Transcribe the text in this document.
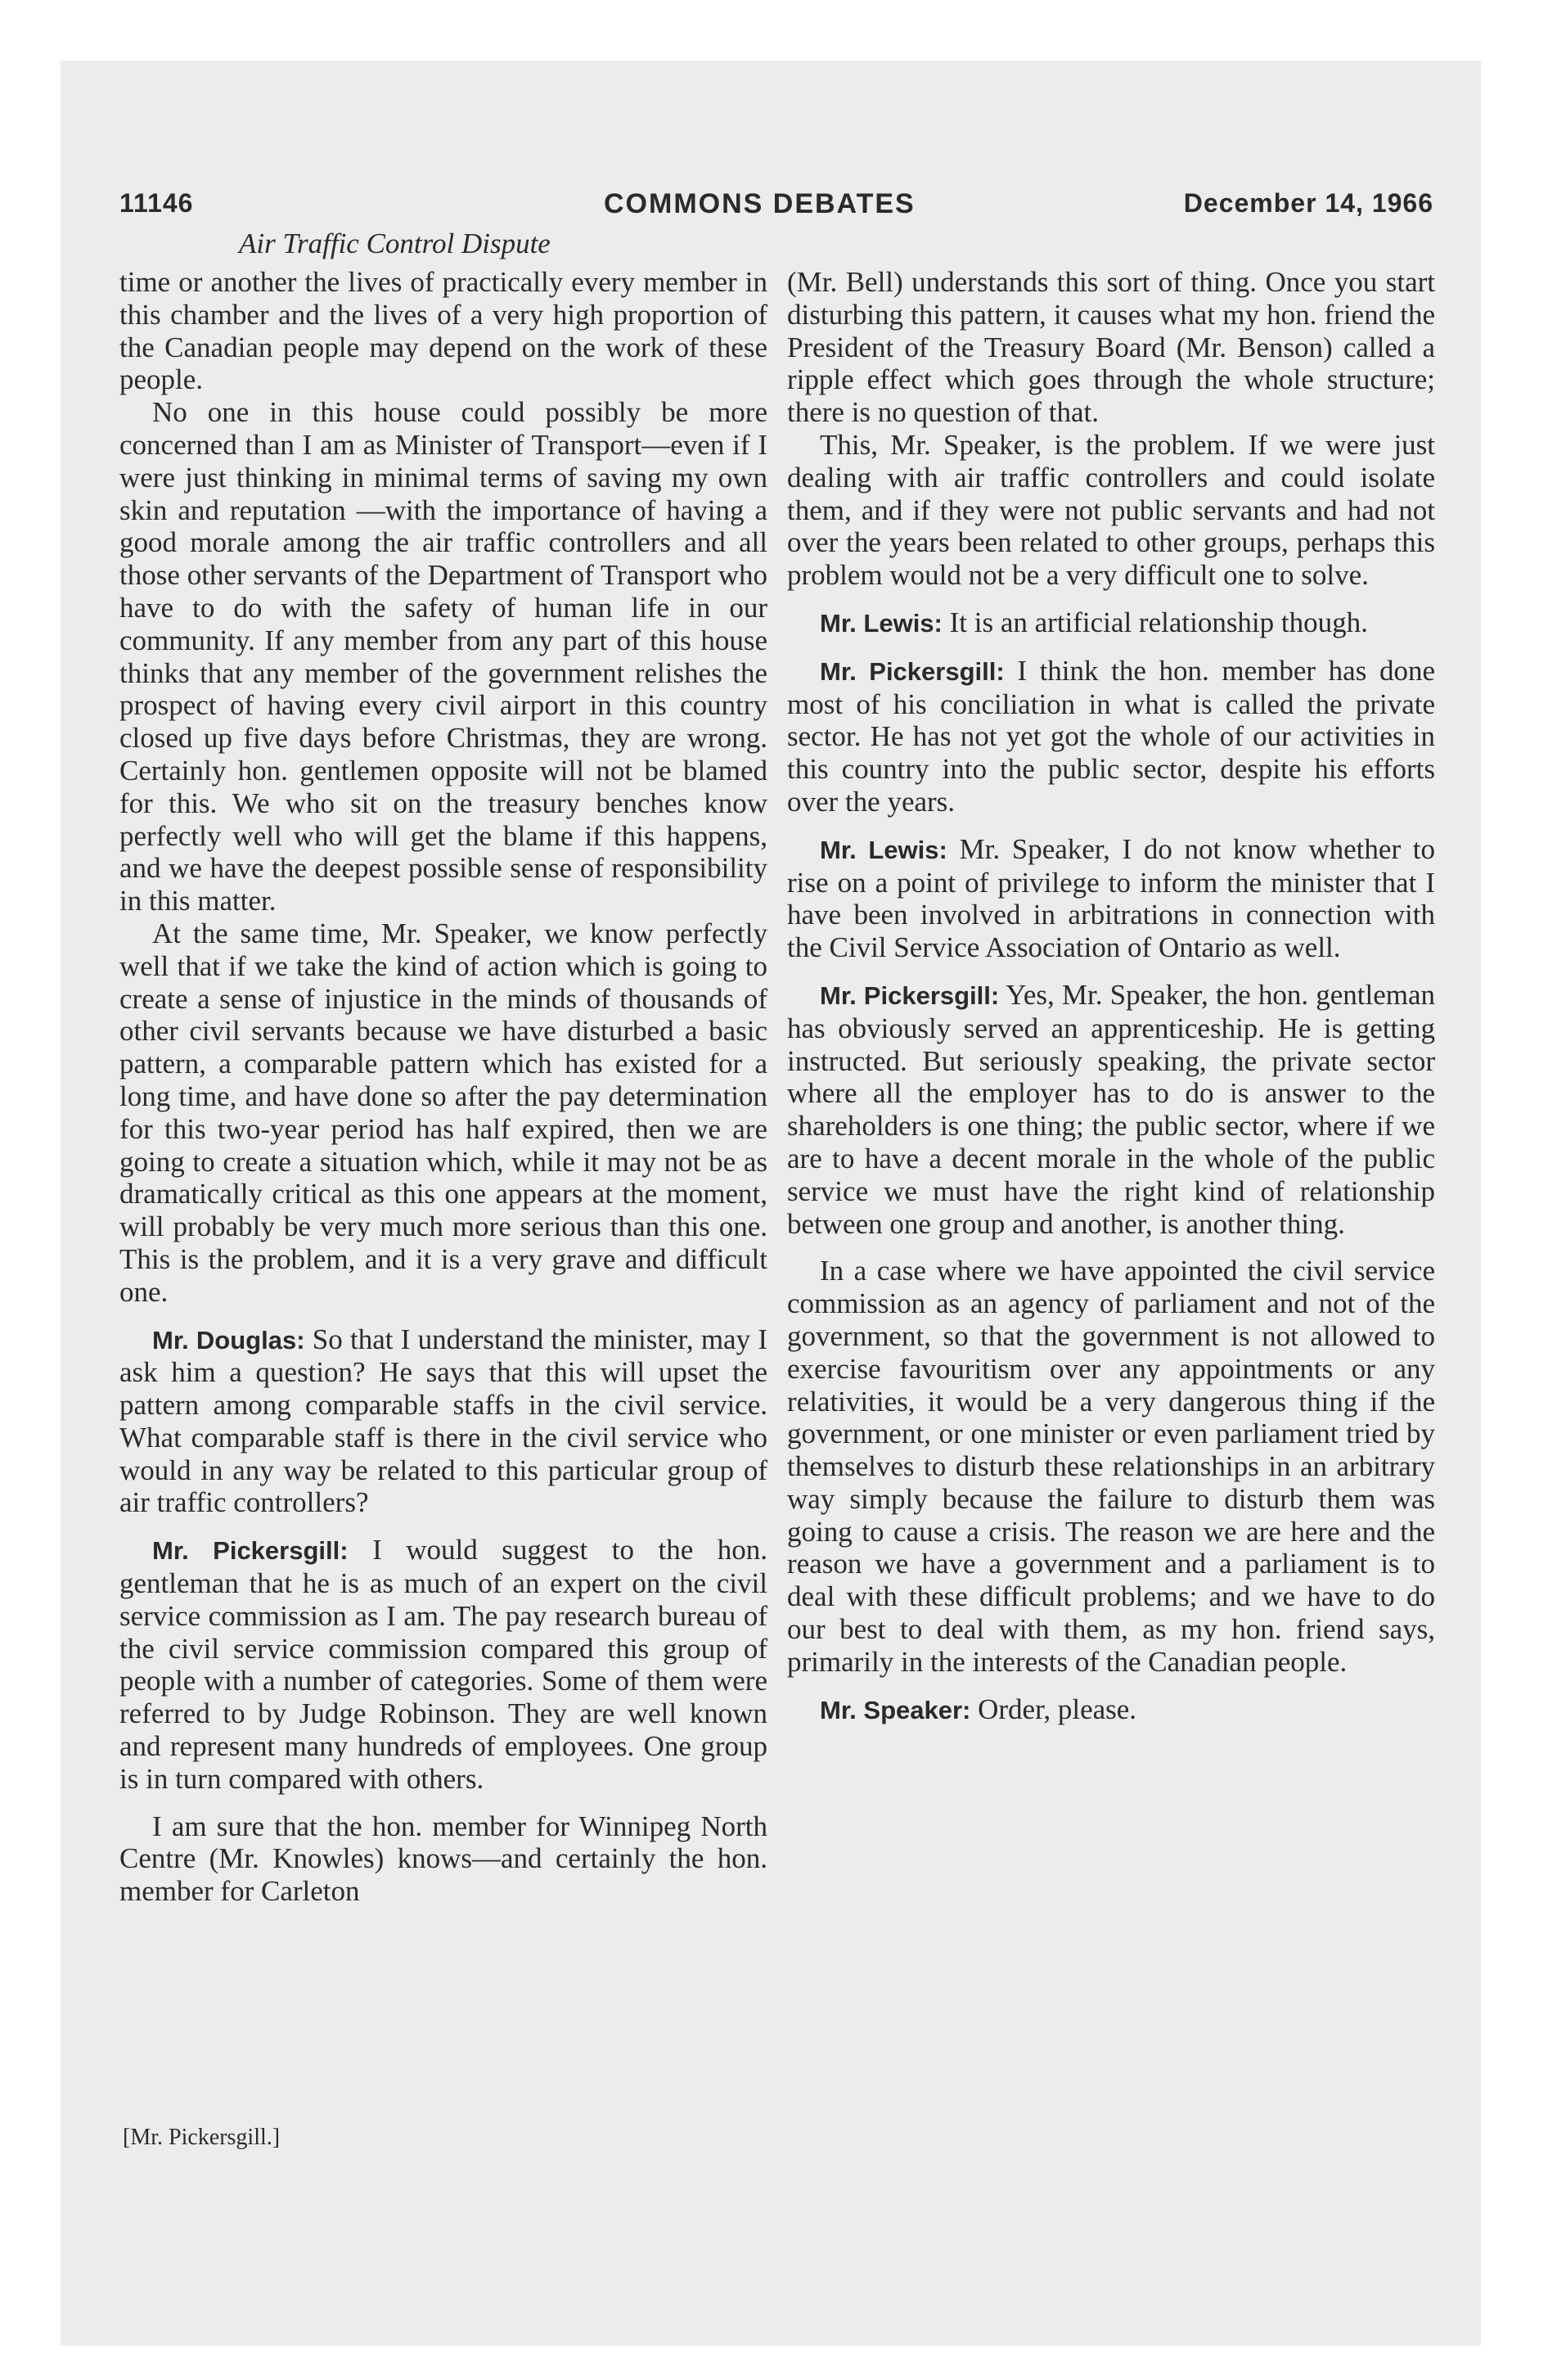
11146	COMMONS DEBATES	December 14, 1966
Air Traffic Control Dispute

time or another the lives of practically every member in this chamber and the lives of a very high proportion of the Canadian people may depend on the work of these people.

No one in this house could possibly be more concerned than I am as Minister of Transport—even if I were just thinking in minimal terms of saving my own skin and reputation —with the importance of having a good morale among the air traffic controllers and all those other servants of the Department of Transport who have to do with the safety of human life in our community. If any member from any part of this house thinks that any member of the government relishes the prospect of having every civil airport in this country closed up five days before Christmas, they are wrong. Certainly hon. gentlemen opposite will not be blamed for this. We who sit on the treasury benches know perfectly well who will get the blame if this happens, and we have the deepest possible sense of responsibility in this matter.

At the same time, Mr. Speaker, we know perfectly well that if we take the kind of action which is going to create a sense of injustice in the minds of thousands of other civil servants because we have disturbed a basic pattern, a comparable pattern which has existed for a long time, and have done so after the pay determination for this two-year period has half expired, then we are going to create a situation which, while it may not be as dramatically critical as this one appears at the moment, will probably be very much more serious than this one. This is the problem, and it is a very grave and difficult one.

Mr. Douglas: So that I understand the minister, may I ask him a question? He says that this will upset the pattern among comparable staffs in the civil service. What comparable staff is there in the civil service who would in any way be related to this particular group of air traffic controllers?

Mr. Pickersgill: I would suggest to the hon. gentleman that he is as much of an expert on the civil service commission as I am. The pay research bureau of the civil service commission compared this group of people with a number of categories. Some of them were referred to by Judge Robinson. They are well known and represent many hundreds of employees. One group is in turn compared with others.

I am sure that the hon. member for Winnipeg North Centre (Mr. Knowles) knows—and certainly the hon. member for Carleton

(Mr. Bell) understands this sort of thing. Once you start disturbing this pattern, it causes what my hon. friend the President of the Treasury Board (Mr. Benson) called a ripple effect which goes through the whole structure; there is no question of that.

This, Mr. Speaker, is the problem. If we were just dealing with air traffic controllers and could isolate them, and if they were not public servants and had not over the years been related to other groups, perhaps this problem would not be a very difficult one to solve.

Mr. Lewis: It is an artificial relationship though.

Mr. Pickersgill: I think the hon. member has done most of his conciliation in what is called the private sector. He has not yet got the whole of our activities in this country into the public sector, despite his efforts over the years.

Mr. Lewis: Mr. Speaker, I do not know whether to rise on a point of privilege to inform the minister that I have been involved in arbitrations in connection with the Civil Service Association of Ontario as well.

Mr. Pickersgill: Yes, Mr. Speaker, the hon. gentleman has obviously served an apprenticeship. He is getting instructed. But seriously speaking, the private sector where all the employer has to do is answer to the shareholders is one thing; the public sector, where if we are to have a decent morale in the whole of the public service we must have the right kind of relationship between one group and another, is another thing.

In a case where we have appointed the civil service commission as an agency of parliament and not of the government, so that the government is not allowed to exercise favouritism over any appointments or any relativities, it would be a very dangerous thing if the government, or one minister or even parliament tried by themselves to disturb these relationships in an arbitrary way simply because the failure to disturb them was going to cause a crisis. The reason we are here and the reason we have a government and a parliament is to deal with these difficult problems; and we have to do our best to deal with them, as my hon. friend says, primarily in the interests of the Canadian people.

Mr. Speaker: Order, please.

[Mr. Pickersgill.]
